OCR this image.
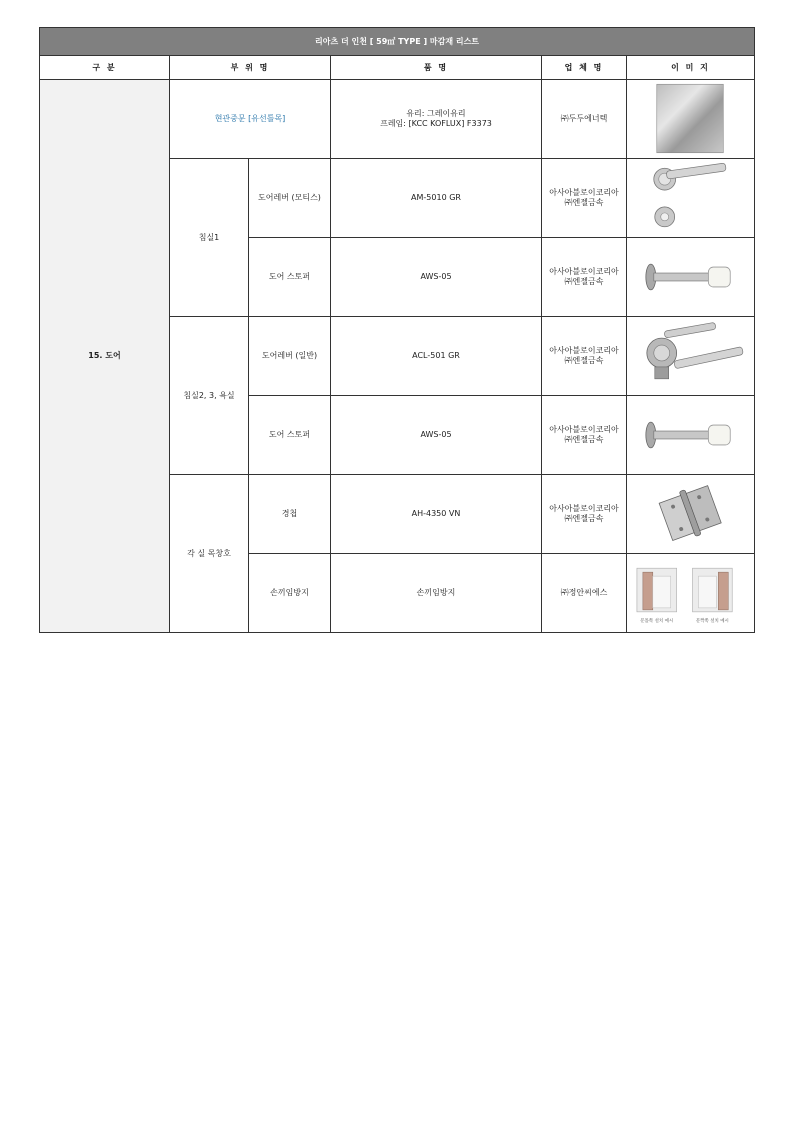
리아츠 더 인천 [ 59㎡ TYPE ] 마감재 리스트					
구 분	부 위 명		품 명	업 체 명	이 미 지
15. 도어	현관중문 [유선틀목]		유리: 그레이유리
프레임: [KCC KOFLUX] F3373	㈜두두에너텍

	침실1	도어레버 (모티스)	AM-5010 GR	아사아블로이코리아
㈜엔젤금속

		도어 스토퍼	AWS-05	아사아블로이코리아
㈜엔젤금속

	침실2, 3, 욕실	도어레버 (일반)	ACL-501 GR	아사아블로이코리아
㈜엔젤금속

		도어 스토퍼	AWS-05	아사아블로이코리아
㈜엔젤금속

	각 실 목창호	경첩	AH-4350 VN	아사아블로이코리아
㈜엔젤금속

		손끼임방지	손끼임방지	㈜정안씨에스	문틀쪽 설치 예시 문짝쪽 설치 예시
